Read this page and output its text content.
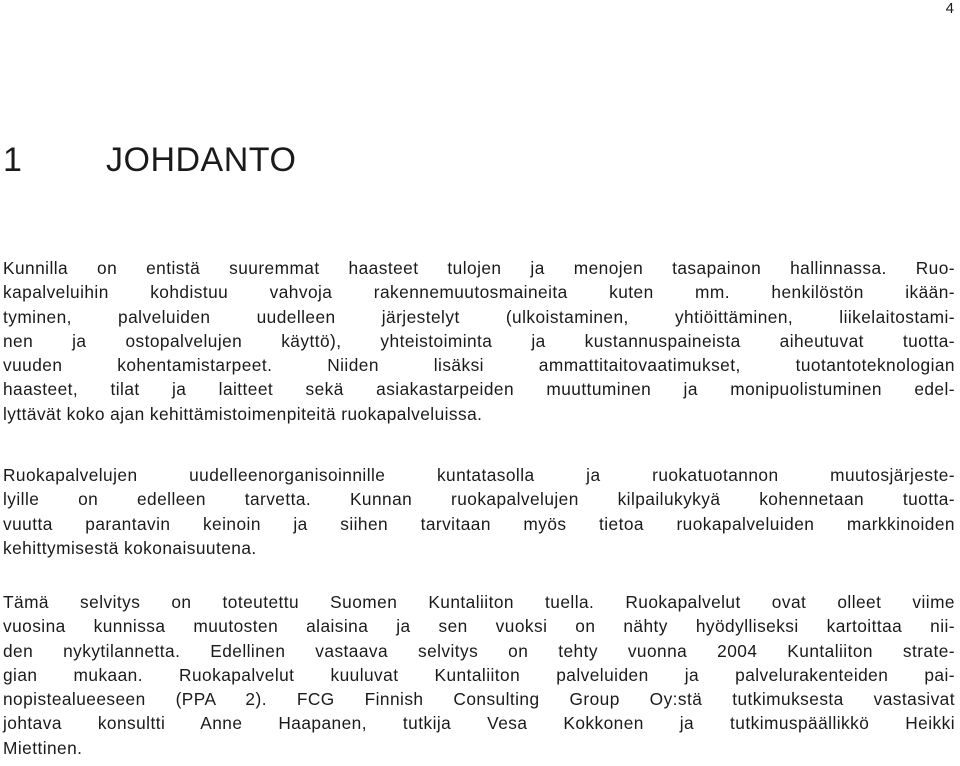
4
1 JOHDANTO

Kunnilla on entistä suuremmat haasteet tulojen ja menojen tasapainon hallinnassa. Ruo-
kapalveluihin kohdistuu vahvoja rakennemuutosmaineita kuten mm. henkilöstön ikään-
tyminen, palveluiden uudelleen järjestelyt (ulkoistaminen, yhtiöittäminen, liikelaitostami-
nen ja ostopalvelujen käyttö), yhteistoiminta ja kustannuspaineista aiheutuvat tuotta-
vuuden kohentamistarpeet. Niiden lisäksi ammattitaitovaatimukset, tuotantoteknologian
haasteet, tilat ja laitteet sekä asiakastarpeiden muuttuminen ja monipuolistuminen edel-
lyttävät koko ajan kehittämistoimenpiteitä ruokapalveluissa.

Ruokapalvelujen uudelleenorganisoinnille kuntatasolla ja ruokatuotannon muutosjärjeste-
lyille on edelleen tarvetta. Kunnan ruokapalvelujen kilpailukykyä kohennetaan tuotta-
vuutta parantavin keinoin ja siihen tarvitaan myös tietoa ruokapalveluiden markkinoiden
kehittymisestä kokonaisuutena.

Tämä selvitys on toteutettu Suomen Kuntaliiton tuella. Ruokapalvelut ovat olleet viime
vuosina kunnissa muutosten alaisina ja sen vuoksi on nähty hyödylliseksi kartoittaa nii-
den nykytilannetta. Edellinen vastaava selvitys on tehty vuonna 2004 Kuntaliiton strate-
gian mukaan. Ruokapalvelut kuuluvat Kuntaliiton palveluiden ja palvelurakenteiden pai-
nopistealueeseen (PPA 2). FCG Finnish Consulting Group Oy:stä tutkimuksesta vastasivat
johtava konsultti Anne Haapanen, tutkija Vesa Kokkonen ja tutkimuspäällikkö Heikki
Miettinen.
